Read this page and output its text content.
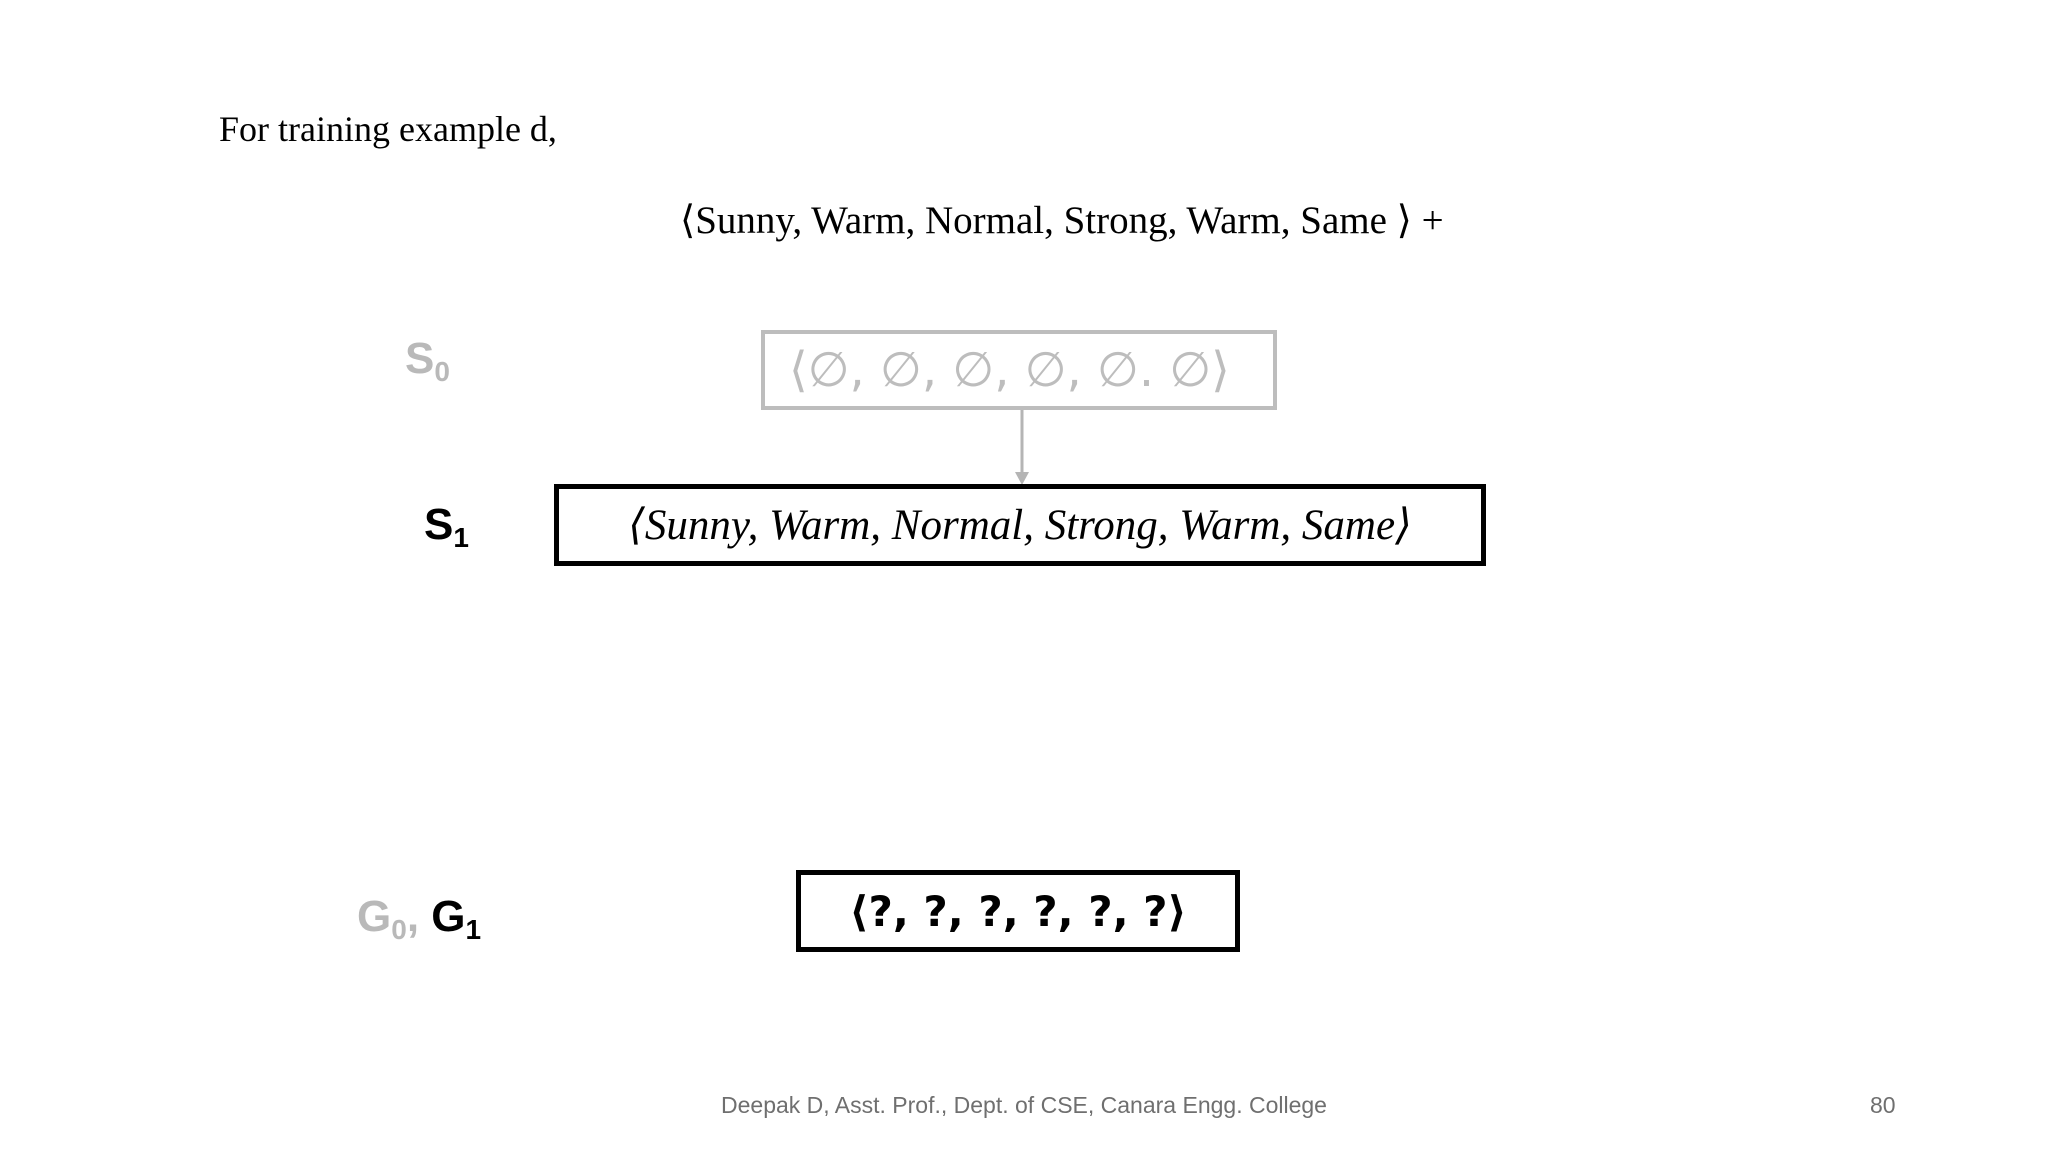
For training example d,
⟨Sunny, Warm, Normal, Strong, Warm, Same ⟩ +
$S_0$	⟨∅, ∅, ∅, ∅, ∅. ∅⟩
$S_1$	⟨Sunny, Warm, Normal, Strong, Warm, Same⟩
$G_0$, $G_1$	⟨?, ?, ?, ?, ?, ?⟩
Deepak D, Asst. Prof., Dept. of CSE, Canara Engg. College	80
